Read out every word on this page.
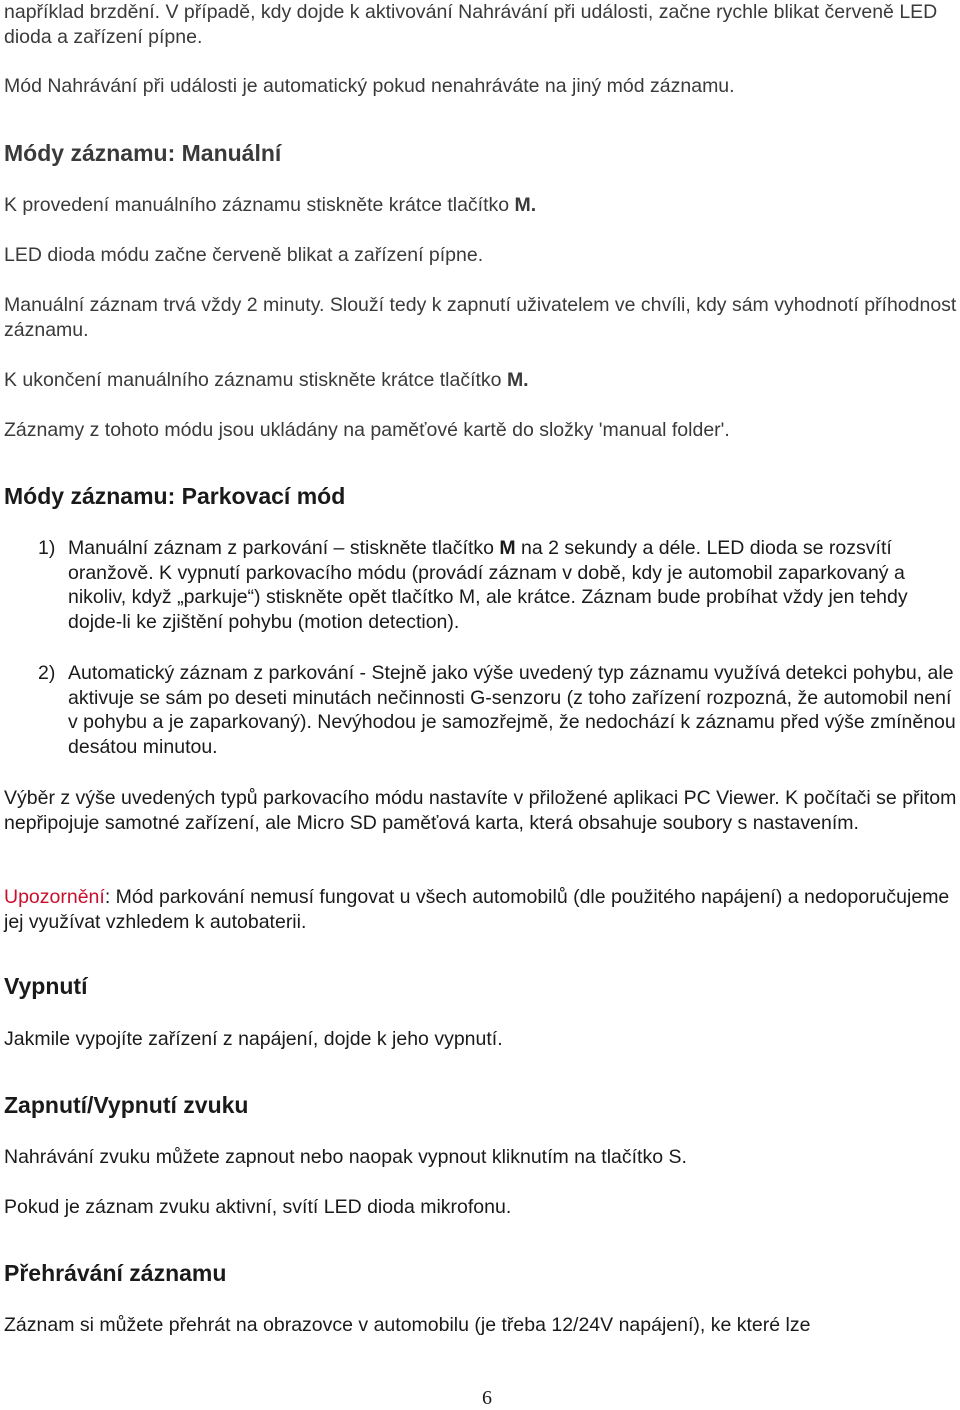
například brzdění. V případě, kdy dojde k aktivování Nahrávání při události, začne rychle blikat červeně LED dioda a zařízení pípne.

Mód Nahrávání při události je automatický pokud nenahráváte na jiný mód záznamu.

Módy záznamu: Manuální

K provedení manuálního záznamu stiskněte krátce tlačítko M.

LED dioda módu začne červeně blikat a zařízení pípne.

Manuální záznam trvá vždy 2 minuty. Slouží tedy k zapnutí uživatelem ve chvíli, kdy sám vyhodnotí příhodnost záznamu.

K ukončení manuálního záznamu stiskněte krátce tlačítko M.

Záznamy z tohoto módu jsou ukládány na paměťové kartě do složky 'manual folder'.

Módy záznamu: Parkovací mód
1) Manuální záznam z parkování – stiskněte tlačítko M na 2 sekundy a déle. LED dioda se rozsvítí oranžově. K vypnutí parkovacího módu (provádí záznam v době, kdy je automobil zaparkovaný a nikoliv, když „parkuje“) stiskněte opět tlačítko M, ale krátce. Záznam bude probíhat vždy jen tehdy dojde-li ke zjištění pohybu (motion detection).
2) Automatický záznam z parkování - Stejně jako výše uvedený typ záznamu využívá detekci pohybu, ale aktivuje se sám po deseti minutách nečinnosti G-senzoru (z toho zařízení rozpozná, že automobil není v pohybu a je zaparkovaný). Nevýhodou je samozřejmě, že nedochází k záznamu před výše zmíněnou desátou minutou.

Výběr z výše uvedených typů parkovacího módu nastavíte v přiložené aplikaci PC Viewer. K počítači se přitom nepřipojuje samotné zařízení, ale Micro SD paměťová karta, která obsahuje soubory s nastavením.

Upozornění: Mód parkování nemusí fungovat u všech automobilů (dle použitého napájení) a nedoporučujeme jej využívat vzhledem k autobaterii.

Vypnutí

Jakmile vypojíte zařízení z napájení, dojde k jeho vypnutí.

Zapnutí/Vypnutí zvuku

Nahrávání zvuku můžete zapnout nebo naopak vypnout kliknutím na tlačítko S.

Pokud je záznam zvuku aktivní, svítí LED dioda mikrofonu.

Přehrávání záznamu

Záznam si můžete přehrát na obrazovce v automobilu (je třeba 12/24V napájení), ke které lze

6
